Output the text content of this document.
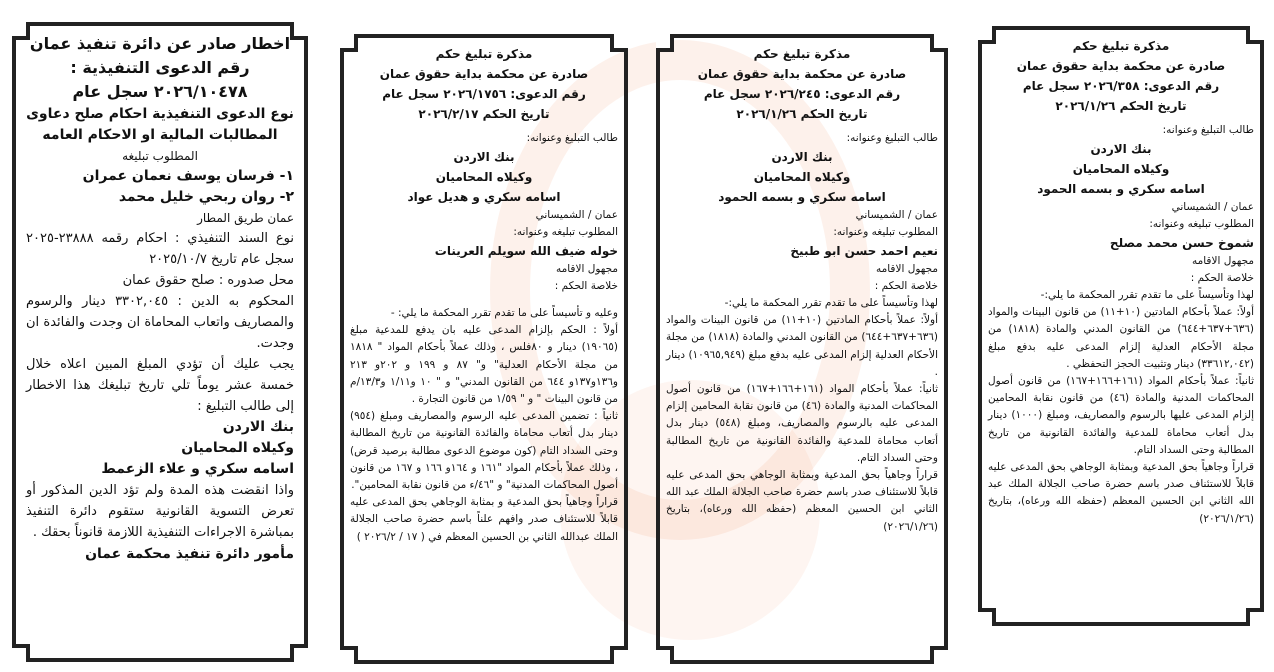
اخطار صادر عن دائرة تنفيذ عمان

رقم الدعوى التنفيذية :

٢٠٢٦/١٠٤٧٨ سجل عام

نوع الدعوى التنفيذية احكام صلح دعاوى المطالبات المالية او الاحكام العامه

المطلوب تبليغه

١- فرسان يوسف نعمان عمران

٢- روان ربحي خليل محمد

عمان طريق المطار

نوع السند التنفيذي : احكام رقمه ٢٣٨٨٨-٢٠٢٥ سجل عام تاريخ ٢٠٢٥/١٠/٧

محل صدوره : صلح حقوق عمان

المحكوم به الدين : ٣٣٠٢,٠٤٥ دينار والرسوم والمصاريف واتعاب المحاماة ان وجدت والفائدة ان وجدت.

يجب عليك أن تؤدي المبلغ المبين اعلاه خلال خمسة عشر يوماً تلي تاريخ تبليغك هذا الاخطار إلى طالب التبليغ :

بنك الاردن

وكيلاه المحاميان

اسامه سكري و علاء الزعمط

واذا انقضت هذه المدة ولم تؤد الدين المذكور أو تعرض التسوية القانونية ستقوم دائرة التنفيذ بمباشرة الاجراءات التنفيذية اللازمة قانوناً بحقك .

مأمور دائرة تنفيذ محكمة عمان

مذكرة تبليغ حكم

صادرة عن محكمة بداية حقوق عمان

رقم الدعوى: ٢٠٢٦/١٧٥٦ سجل عام

تاريخ الحكم ٢٠٢٦/٢/١٧

طالب التبليغ وعنوانه:

بنك الاردن

وكيلاه المحاميان

اسامه سكري و هديل عواد

عمان / الشميساني

المطلوب تبليغه وعنوانه:

خوله ضيف الله سويلم العرينات

مجهول الاقامه

خلاصة الحكم :

وعليه و تأسيساً على ما تقدم تقرر المحكمة ما يلي: -

أولاً : الحكم بإلزام المدعى عليه بان يدفع للمدعية مبلغ (١٩٠٦٥) دينار و ٨٠فلس ، وذلك عملاً بأحكام المواد " ١٨١٨ من مجلة الأحكام العدلية" و" ٨٧ و ١٩٩ و ٢٠٢و ٢١٣ و١٣٦و١٣٧و ٦٤٤ من القانون المدني" و " ١٠ و١/١١ و١٣/٣/م من قانون البينات " و " ١/٥٩ من قانون التجارة .

ثانياً : تضمين المدعى عليه الرسوم والمصاريف ومبلغ (٩٥٤) دينار بدل أتعاب محاماة والفائدة القانونية من تاريخ المطالبة وحتى السداد التام (كون موضوع الدعوى مطالبة برصيد قرض) ، وذلك عملاً بأحكام المواد "١٦١ و ١٦٤و ١٦٦ و ١٦٧ من قانون أصول المحاكمات المدنية" و "٤٦/ء من قانون نقابة المحامين".

قراراً وجاهياً بحق المدعية و بمثابة الوجاهي بحق المدعى عليه قابلاً للاستئناف صدر وافهم علناً باسم حضرة صاحب الجلالة الملك عبدالله الثاني بن الحسين المعظم في ( ١٧ / ٢٠٢٦/٢ )

مذكرة تبليغ حكم

صادرة عن محكمة بداية حقوق عمان

رقم الدعوى: ٢٠٢٦/٢٤٥ سجل عام

تاريخ الحكم ٢٠٢٦/١/٢٦

طالب التبليغ وعنوانه:

بنك الاردن

وكيلاه المحاميان

اسامه سكري و بسمه الحمود

عمان / الشميساني

المطلوب تبليغه وعنوانه:

نعيم احمد حسن ابو طبيخ

مجهول الاقامه

خلاصة الحكم :

لهذا وتأسيساً على ما تقدم تقرر المحكمة ما يلي:-

أولاً: عملاً بأحكام المادتين (١٠+١١) من قانون البينات والمواد (٦٣٦+٦٣٧+٦٤٤) من القانون المدني والمادة (١٨١٨) من مجلة الأحكام العدلية إلزام المدعى عليه بدفع مبلغ (١٠٩٦٥,٩٤٩) دينار .

ثانياً: عملاً بأحكام المواد (١٦١+١٦٦+١٦٧) من قانون أصول المحاكمات المدنية والمادة (٤٦) من قانون نقابة المحامين إلزام المدعى عليه بالرسوم والمصاريف، ومبلغ (٥٤٨) دينار بدل أتعاب محاماة للمدعية والفائدة القانونية من تاريخ المطالبة وحتى السداد التام.

قراراً وجاهياً بحق المدعية وبمثابة الوجاهي بحق المدعى عليه قابلاً للاستئناف صدر باسم حضرة صاحب الجلالة الملك عبد الله الثاني ابن الحسين المعظم (حفظه الله ورعاه)، بتاريخ (٢٠٢٦/١/٢٦)

مذكرة تبليغ حكم

صادرة عن محكمة بداية حقوق عمان

رقم الدعوى: ٢٠٢٦/٣٥٨ سجل عام

تاريخ الحكم ٢٠٢٦/١/٢٦

طالب التبليغ وعنوانه:

بنك الاردن

وكيلاه المحاميان

اسامه سكري و بسمه الحمود

عمان / الشميساني

المطلوب تبليغه وعنوانه:

شموخ حسن محمد مصلح

مجهول الاقامه

خلاصة الحكم :

لهذا وتأسيساً على ما تقدم تقرر المحكمة ما يلي:-

أولاً: عملاً بأحكام المادتين (١٠+١١) من قانون البينات والمواد (٦٣٦+٦٣٧+٦٤٤) من القانون المدني والمادة (١٨١٨) من مجلة الأحكام العدلية إلزام المدعى عليه بدفع مبلغ (٣٣٦١٢,٠٤٢) دينار وتثبيت الحجز التحفظي .

ثانياً: عملاً بأحكام المواد (١٦١+١٦٦+١٦٧) من قانون أصول المحاكمات المدنية والمادة (٤٦) من قانون نقابة المحامين إلزام المدعى عليها بالرسوم والمصاريف، ومبلغ (١٠٠٠) دينار بدل أتعاب محاماة للمدعية والفائدة القانونية من تاريخ المطالبة وحتى السداد التام.

قراراً وجاهياً بحق المدعية وبمثابة الوجاهي بحق المدعى عليه قابلاً للاستئناف صدر باسم حضرة صاحب الجلالة الملك عبد الله الثاني ابن الحسين المعظم (حفظه الله ورعاه)، بتاريخ (٢٠٢٦/١/٢٦)
